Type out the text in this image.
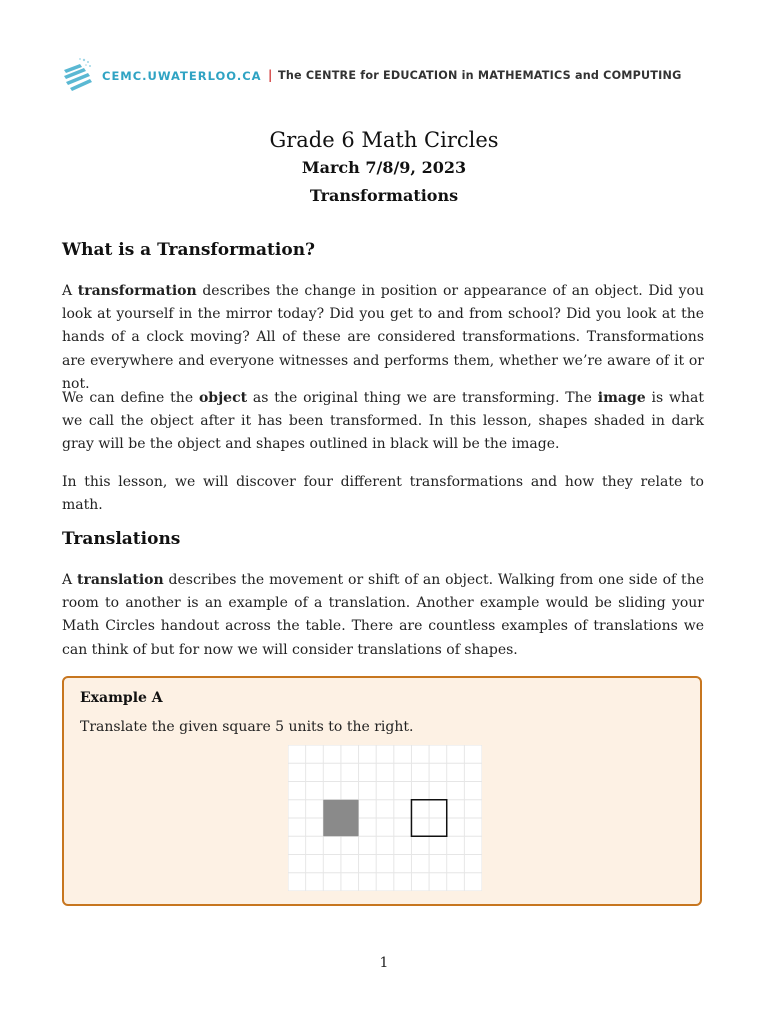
CEMC.UWATERLOO.CA | The CENTRE for EDUCATION in MATHEMATICS and COMPUTING
Grade 6 Math Circles
March 7/8/9, 2023
Transformations
What is a Transformation?

A transformation describes the change in position or appearance of an object. Did you look at yourself in the mirror today? Did you get to and from school? Did you look at the hands of a clock moving? All of these are considered transformations. Transformations are everywhere and everyone witnesses and performs them, whether we’re aware of it or not.

We can define the object as the original thing we are transforming. The image is what we call the object after it has been transformed. In this lesson, shapes shaded in dark gray will be the object and shapes outlined in black will be the image.

In this lesson, we will discover four different transformations and how they relate to math.

Translations

A translation describes the movement or shift of an object. Walking from one side of the room to another is an example of a translation. Another example would be sliding your Math Circles handout across the table. There are countless examples of translations we can think of but for now we will consider translations of shapes.

Example A
Translate the given square 5 units to the right.
1
